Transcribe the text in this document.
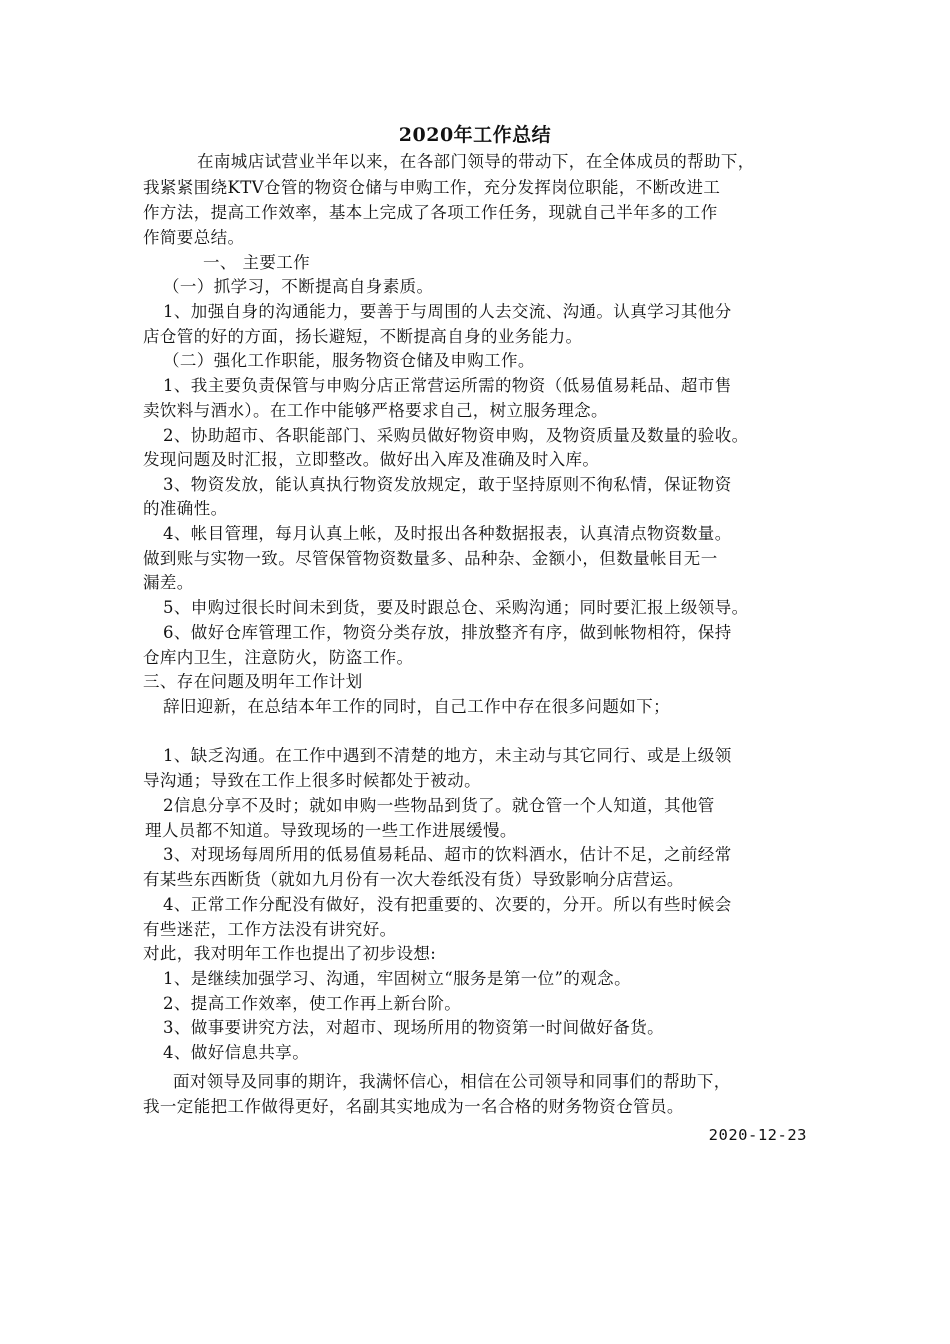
2020年工作总结
在南城店试营业半年以来，在各部门领导的带动下，在全体成员的帮助下，
我紧紧围绕KTV仓管的物资仓储与申购工作，充分发挥岗位职能，不断改进工
作方法，提高工作效率，基本上完成了各项工作任务，现就自己半年多的工作
作简要总结。
一、 主要工作
（一）抓学习，不断提高自身素质。
1、加强自身的沟通能力，要善于与周围的人去交流、沟通。认真学习其他分
店仓管的好的方面，扬长避短，不断提高自身的业务能力。
（二）强化工作职能，服务物资仓储及申购工作。
1、我主要负责保管与申购分店正常营运所需的物资（低易值易耗品、超市售
卖饮料与酒水）。在工作中能够严格要求自己，树立服务理念。
2、协助超市、各职能部门、采购员做好物资申购，及物资质量及数量的验收。
发现问题及时汇报，立即整改。做好出入库及准确及时入库。
3、物资发放，能认真执行物资发放规定，敢于坚持原则不徇私情，保证物资
的准确性。
4、帐目管理，每月认真上帐，及时报出各种数据报表，认真清点物资数量。
做到账与实物一致。尽管保管物资数量多、品种杂、金额小，但数量帐目无一
漏差。
5、申购过很长时间未到货，要及时跟总仓、采购沟通；同时要汇报上级领导。
6、做好仓库管理工作，物资分类存放，排放整齐有序，做到帐物相符，保持
仓库内卫生，注意防火，防盗工作。
三、存在问题及明年工作计划
辞旧迎新，在总结本年工作的同时，自己工作中存在很多问题如下；
1、缺乏沟通。在工作中遇到不清楚的地方，未主动与其它同行、或是上级领
导沟通；导致在工作上很多时候都处于被动。
2信息分享不及时；就如申购一些物品到货了。就仓管一个人知道，其他管
理人员都不知道。导致现场的一些工作进展缓慢。
3、对现场每周所用的低易值易耗品、超市的饮料酒水，估计不足，之前经常
有某些东西断货（就如九月份有一次大卷纸没有货）导致影响分店营运。
4、正常工作分配没有做好，没有把重要的、次要的，分开。所以有些时候会
有些迷茫，工作方法没有讲究好。
对此，我对明年工作也提出了初步设想:
1、是继续加强学习、沟通，牢固树立“服务是第一位”的观念。
2、提高工作效率，使工作再上新台阶。
3、做事要讲究方法，对超市、现场所用的物资第一时间做好备货。
4、做好信息共享。
面对领导及同事的期许，我满怀信心，相信在公司领导和同事们的帮助下，
我一定能把工作做得更好，名副其实地成为一名合格的财务物资仓管员。
2020-12-23
